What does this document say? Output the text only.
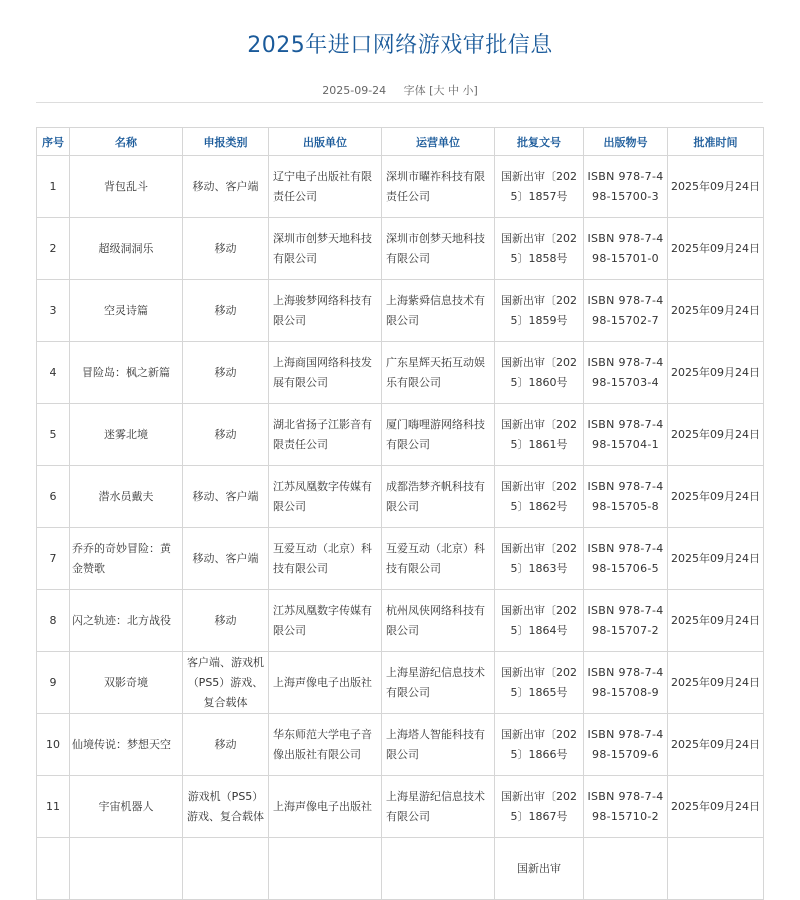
2025年进口网络游戏审批信息
2025-09-24 字体 [大 中 小]
序号	名称	申报类别	出版单位	运营单位	批复文号	出版物号	批准时间
1	背包乱斗	移动、客户端	辽宁电子出版社有限责任公司	深圳市曜祚科技有限责任公司	国新出审〔2025〕1857号	ISBN 978-7-498-15700-3	2025年09月24日
2	超级洞洞乐	移动	深圳市创梦天地科技有限公司	深圳市创梦天地科技有限公司	国新出审〔2025〕1858号	ISBN 978-7-498-15701-0	2025年09月24日
3	空灵诗篇	移动	上海骏梦网络科技有限公司	上海紫舜信息技术有限公司	国新出审〔2025〕1859号	ISBN 978-7-498-15702-7	2025年09月24日
4	冒险岛：枫之新篇	移动	上海商国网络科技发展有限公司	广东星辉天拓互动娱乐有限公司	国新出审〔2025〕1860号	ISBN 978-7-498-15703-4	2025年09月24日
5	迷雾北境	移动	湖北省扬子江影音有限责任公司	厦门嗨哩游网络科技有限公司	国新出审〔2025〕1861号	ISBN 978-7-498-15704-1	2025年09月24日
6	潜水员戴夫	移动、客户端	江苏凤凰数字传媒有限公司	成都浩梦齐帆科技有限公司	国新出审〔2025〕1862号	ISBN 978-7-498-15705-8	2025年09月24日
7	乔乔的奇妙冒险：黄金赞歌	移动、客户端	互爱互动（北京）科技有限公司	互爱互动（北京）科技有限公司	国新出审〔2025〕1863号	ISBN 978-7-498-15706-5	2025年09月24日
8	闪之轨迹：北方战役	移动	江苏凤凰数字传媒有限公司	杭州凤侠网络科技有限公司	国新出审〔2025〕1864号	ISBN 978-7-498-15707-2	2025年09月24日
9	双影奇境	客户端、游戏机（PS5）游戏、复合载体	上海声像电子出版社	上海星游纪信息技术有限公司	国新出审〔2025〕1865号	ISBN 978-7-498-15708-9	2025年09月24日
10	仙境传说：梦想天空	移动	华东师范大学电子音像出版社有限公司	上海塔人智能科技有限公司	国新出审〔2025〕1866号	ISBN 978-7-498-15709-6	2025年09月24日
11	宇宙机器人	游戏机（PS5）游戏、复合载体	上海声像电子出版社	上海星游纪信息技术有限公司	国新出审〔2025〕1867号	ISBN 978-7-498-15710-2	2025年09月24日
					国新出审		
